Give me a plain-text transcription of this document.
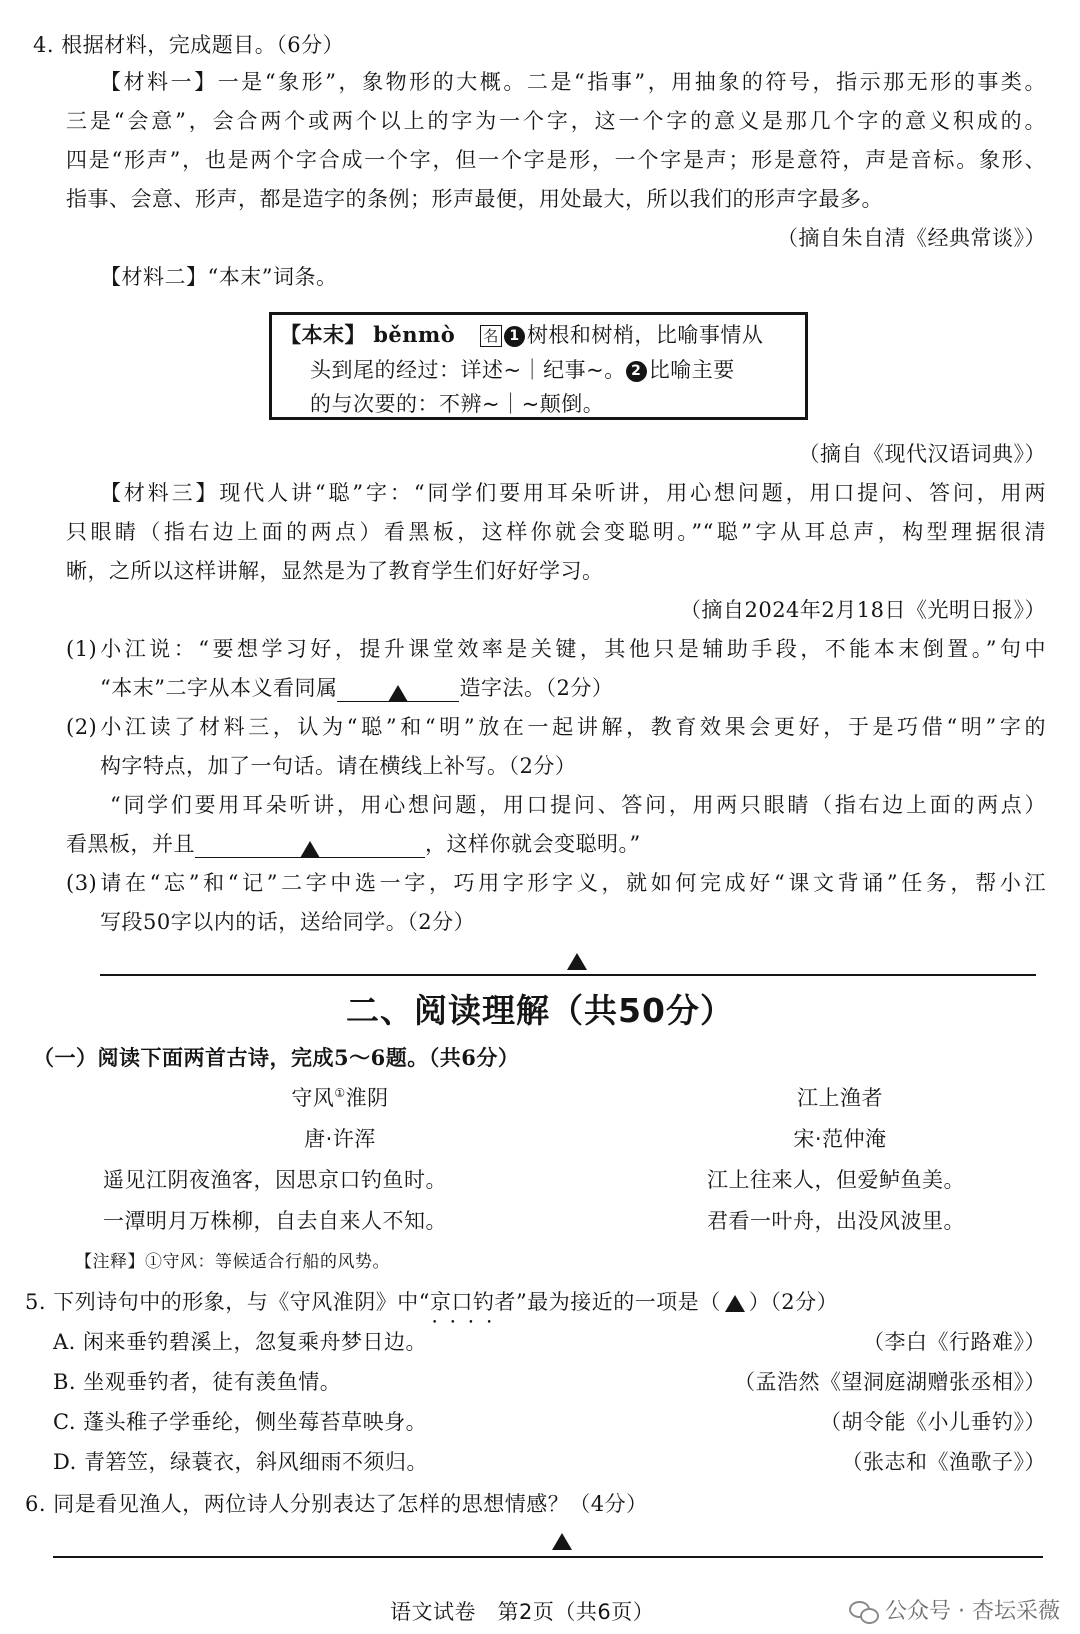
4. 根据材料，完成题目。（6分）
【材料一】一是“象形”，象物形的大概。二是“指事”，用抽象的符号，指示那无形的事类。
三是“会意”，会合两个或两个以上的字为一个字，这一个字的意义是那几个字的意义积成的。
四是“形声”，也是两个字合成一个字，但一个字是形，一个字是声；形是意符，声是音标。象形、
指事、会意、形声，都是造字的条例；形声最便，用处最大，所以我们的形声字最多。
（摘自朱自清《经典常谈》）
【材料二】“本末”词条。
【本末】 běnmò 名 1 树根和树梢，比喻事情从
头到尾的经过：详述~｜纪事~。 2 比喻主要
的与次要的：不辨~｜~颠倒。
（摘自《现代汉语词典》）
【材料三】现代人讲“聪”字：“同学们要用耳朵听讲，用心想问题，用口提问、答问，用两
只眼睛（指右边上面的两点）看黑板，这样你就会变聪明。”“聪”字从耳总声，构型理据很清
晰，之所以这样讲解，显然是为了教育学生们好好学习。
（摘自2024年2月18日《光明日报》）
(1)小江说：“要想学习好，提升课堂效率是关键，其他只是辅助手段，不能本末倒置。”句中
“本末”二字从本义看同属	造字法。（2分）
(2)小江读了材料三，认为“聪”和“明”放在一起讲解，教育效果会更好，于是巧借“明”字的
构字特点，加了一句话。请在横线上补写。（2分）
“同学们要用耳朵听讲，用心想问题，用口提问、答问，用两只眼睛（指右边上面的两点）
看黑板，并且	，这样你就会变聪明。”
(3)请在“忘”和“记”二字中选一字，巧用字形字义，就如何完成好“课文背诵”任务，帮小江
写段50字以内的话，送给同学。（2分）
二、阅读理解（共50分）
（一）阅读下面两首古诗，完成5～6题。（共6分）
守风①淮阴
唐·许浑
遥见江阴夜渔客，因思京口钓鱼时。
一潭明月万株柳，自去自来人不知。
江上渔者
宋·范仲淹
江上往来人，但爱鲈鱼美。
君看一叶舟，出没风波里。
【注释】①守风：等候适合行船的风势。
5. 下列诗句中的形象，与《守风淮阴》中“京口钓者 • • • •”最为接近的一项是（ ）（2分）
A. 闲来垂钓碧溪上，忽复乘舟梦日边。	（李白《行路难》）
B. 坐观垂钓者，徒有羡鱼情。	（孟浩然《望洞庭湖赠张丞相》）
C. 蓬头稚子学垂纶，侧坐莓苔草映身。	（胡令能《小儿垂钓》）
D. 青箬笠，绿蓑衣，斜风细雨不须归。	（张志和《渔歌子》）
6. 同是看见渔人，两位诗人分别表达了怎样的思想情感？（4分）
语文试卷　第2页（共6页）	公众号 · 杏坛采薇
